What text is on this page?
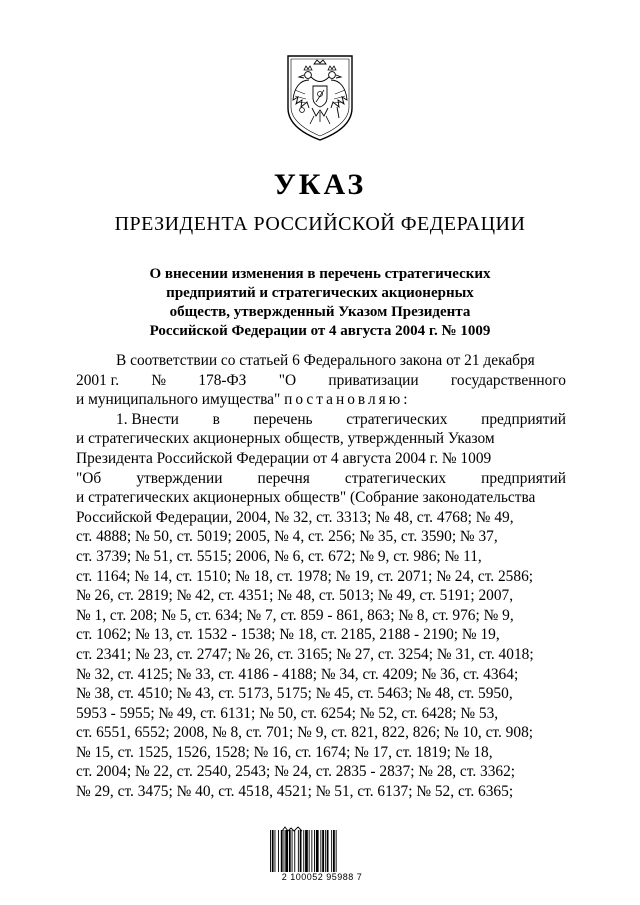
УКАЗ
ПРЕЗИДЕНТА РОССИЙСКОЙ ФЕДЕРАЦИИ
О внесении изменения в перечень стратегических
предприятий и стратегических акционерных
обществ, утвержденный Указом Президента
Российской Федерации от 4 августа 2004 г. № 1009
В соответствии со статьей 6 Федерального закона от 21 декабря
2001 г. № 178-ФЗ "О приватизации государственного
и муниципального имущества"
постановляю:
1. Внести в перечень стратегических предприятий
и стратегических акционерных обществ, утвержденный Указом
Президента Российской Федерации от 4 августа 2004 г. № 1009
"Об утверждении перечня стратегических предприятий
и стратегических акционерных обществ" (Собрание законодательства
Российской Федерации, 2004, № 32, ст. 3313; № 48, ст. 4768; № 49,
ст. 4888; № 50, ст. 5019; 2005, № 4, ст. 256; № 35, ст. 3590; № 37,
ст. 3739; № 51, ст. 5515; 2006, № 6, ст. 672; № 9, ст. 986; № 11,
ст. 1164; № 14, ст. 1510; № 18, ст. 1978; № 19, ст. 2071; № 24, ст. 2586;
№ 26, ст. 2819; № 42, ст. 4351; № 48, ст. 5013; № 49, ст. 5191; 2007,
№ 1, ст. 208; № 5, ст. 634; № 7, ст. 859 - 861, 863; № 8, ст. 976; № 9,
ст. 1062; № 13, ст. 1532 - 1538; № 18, ст. 2185, 2188 - 2190; № 19,
ст. 2341; № 23, ст. 2747; № 26, ст. 3165; № 27, ст. 3254; № 31, ст. 4018;
№ 32, ст. 4125; № 33, ст. 4186 - 4188; № 34, ст. 4209; № 36, ст. 4364;
№ 38, ст. 4510; № 43, ст. 5173, 5175; № 45, ст. 5463; № 48, ст. 5950,
5953 - 5955; № 49, ст. 6131; № 50, ст. 6254; № 52, ст. 6428; № 53,
ст. 6551, 6552; 2008, № 8, ст. 701; № 9, ст. 821, 822, 826; № 10, ст. 908;
№ 15, ст. 1525, 1526, 1528; № 16, ст. 1674; № 17, ст. 1819; № 18,
ст. 2004; № 22, ст. 2540, 2543; № 24, ст. 2835 - 2837; № 28, ст. 3362;
№ 29, ст. 3475; № 40, ст. 4518, 4521; № 51, ст. 6137; № 52, ст. 6365;
2 100052 95988 7
